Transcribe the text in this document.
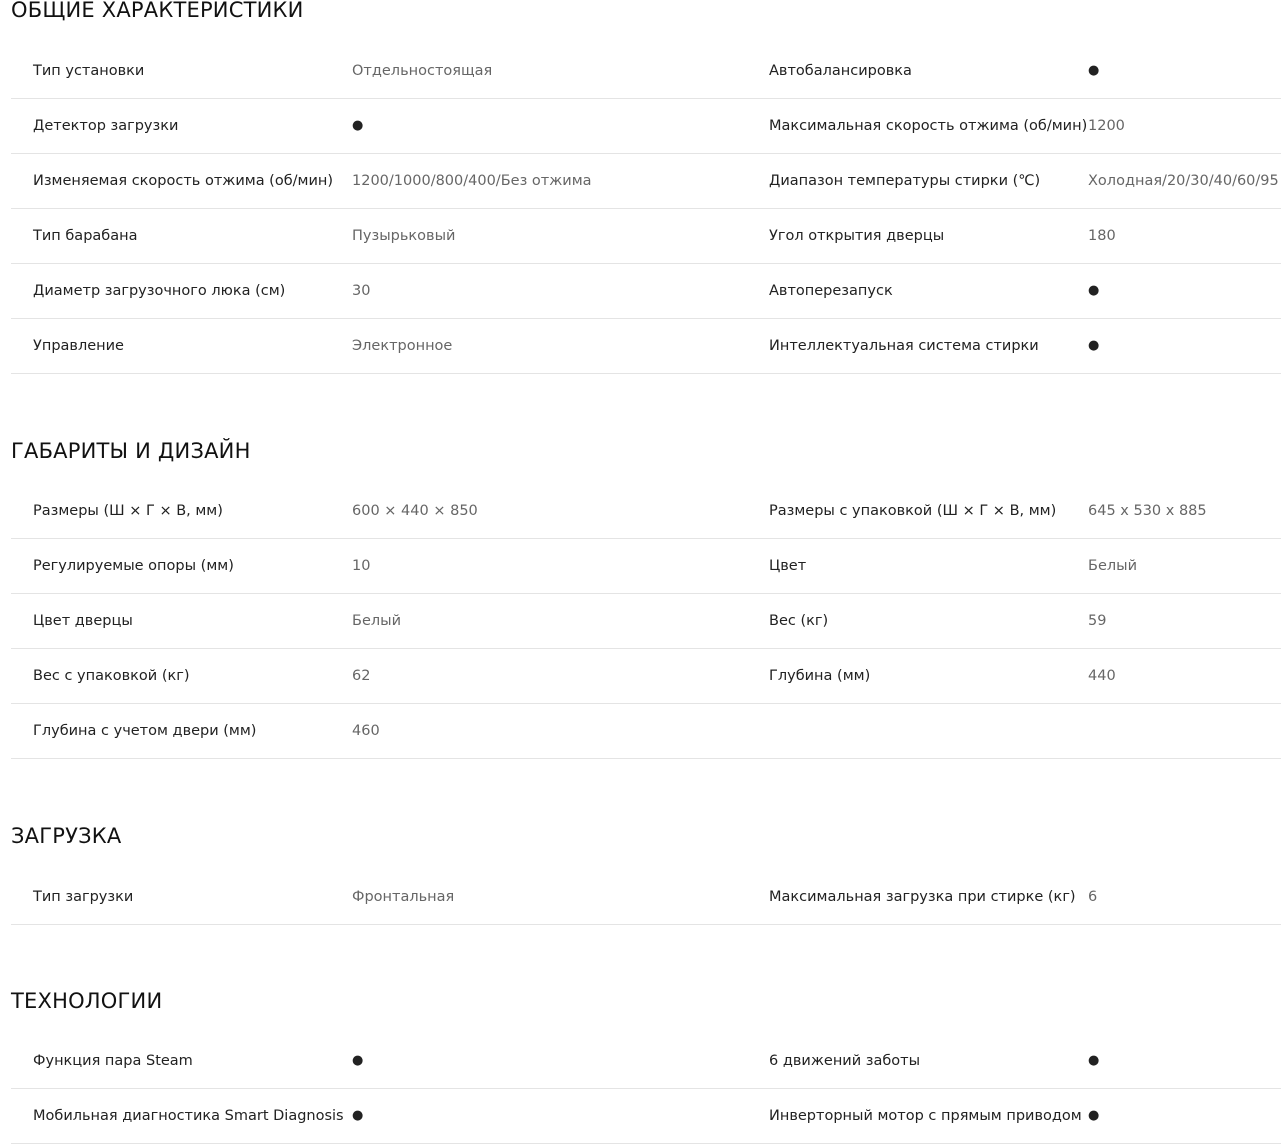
ОБЩИЕ ХАРАКТЕРИСТИКИ
Тип установки	Отдельностоящая	Автобалансировка	●
Детектор загрузки	●	Максимальная скорость отжима (об/мин) 1200
Изменяемая скорость отжима (об/мин) 1200/1000/800/400/Без отжима	Диапазон температуры стирки (℃)	Холодная/20/30/40/60/95
Тип барабана	Пузырьковый	Угол открытия дверцы	180
Диаметр загрузочного люка (см)	30	Автоперезапуск	●
Управление	Электронное	Интеллектуальная система стирки	●
ГАБАРИТЫ И ДИЗАЙН
Размеры (Ш × Г × В, мм)	600 × 440 × 850	Размеры с упаковкой (Ш × Г × В, мм) 645 x 530 x 885
Регулируемые опоры (мм)	10	Цвет	Белый
Цвет дверцы	Белый	Вес (кг)	59
Вес с упаковкой (кг)	62	Глубина (мм)	440
Глубина с учетом двери (мм)	460
ЗАГРУЗКА
Тип загрузки	Фронтальная	Максимальная загрузка при стирке (кг) 6
ТЕХНОЛОГИИ
Функция пара Steam	●	6 движений заботы	●
Мобильная диагностика Smart Diagnosis ●	Инверторный мотор с прямым приводом ●
